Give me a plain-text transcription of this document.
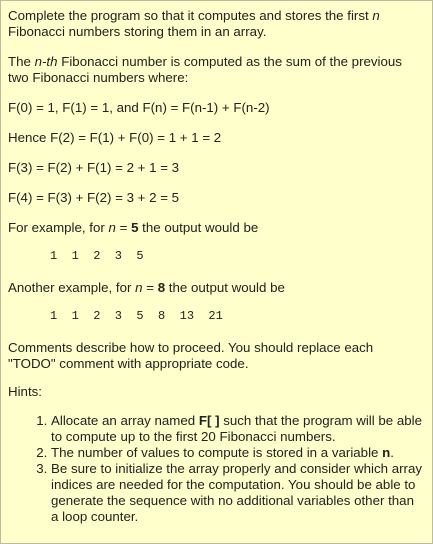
Complete the program so that it computes and stores the first n Fibonacci numbers storing them in an array.

The n-th Fibonacci number is computed as the sum of the previous two Fibonacci numbers where:

F(0) = 1, F(1) = 1, and F(n) = F(n-1) + F(n-2)

Hence F(2) = F(1) + F(0) = 1 + 1 = 2

F(3) = F(2) + F(1) = 2 + 1 = 3

F(4) = F(3) + F(2) = 3 + 2 = 5

For example, for n = 5 the output would be

1  1  2  3  5

Another example, for n = 8 the output would be

1  1  2  3  5  8  13  21

Comments describe how to proceed. You should replace each "TODO" comment with appropriate code.

Hints:

1. Allocate an array named F[ ] such that the program will be able to compute up to the first 20 Fibonacci numbers.
2. The number of values to compute is stored in a variable n.
3. Be sure to initialize the array properly and consider which array indices are needed for the computation. You should be able to generate the sequence with no additional variables other than a loop counter.
